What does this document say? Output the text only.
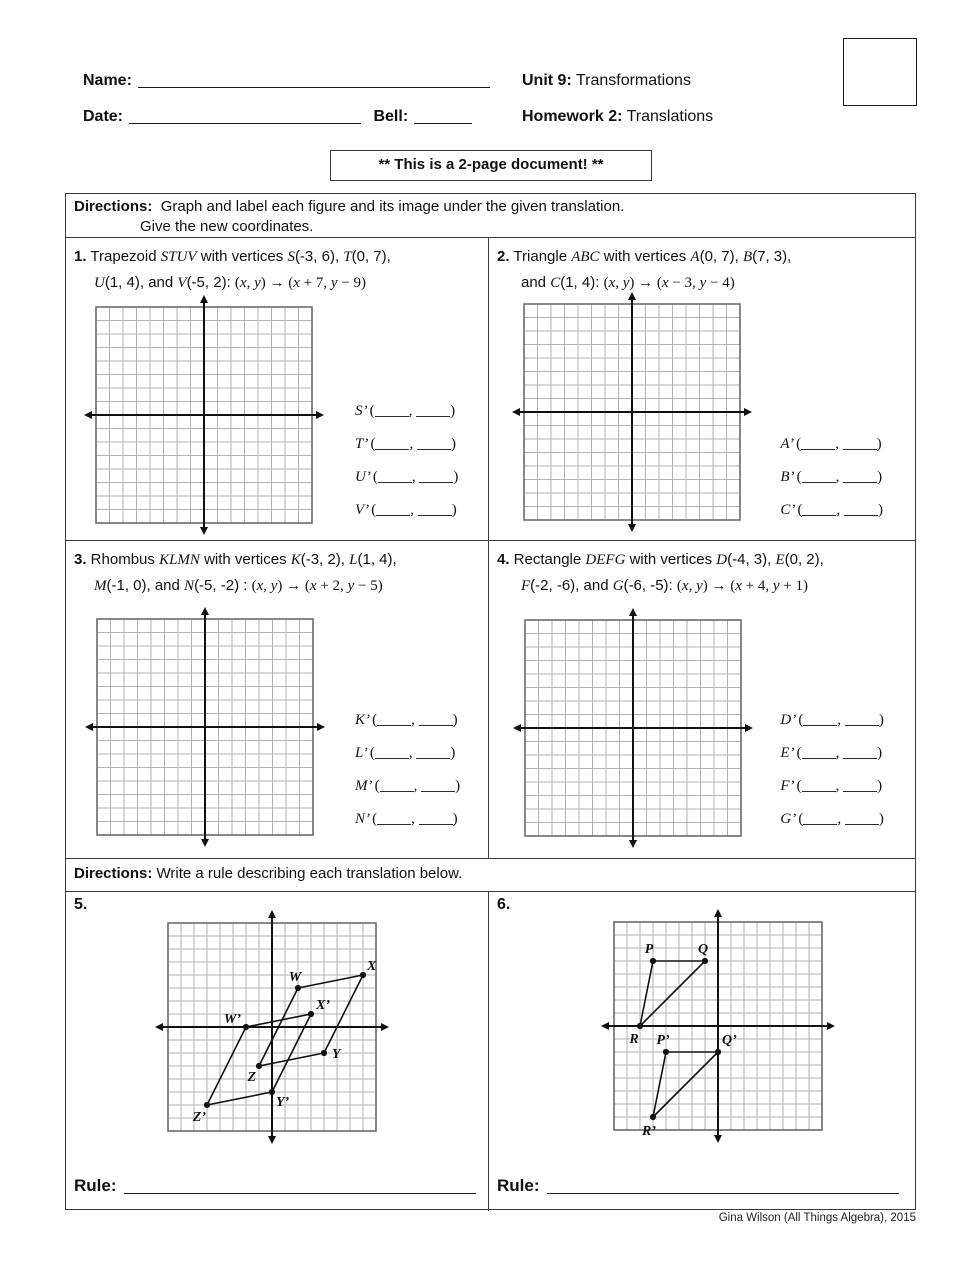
Name:	Unit 9: Transformations
Date:	Bell:	Homework 2: Translations
** This is a 2-page document! **
Directions: Graph and label each figure and its image under the given translation.
Give the new coordinates.
1. Trapezoid STUV with vertices S(-3, 6), T(0, 7),
U(1, 4), and V(-5, 2): (x, y) → (x + 7, y − 9)
S’ ( , )
T’ ( , )
U’ ( , )
V’ ( , )
2. Triangle ABC with vertices A(0, 7), B(7, 3),
and C(1, 4): (x, y) → (x − 3, y − 4)
A’ ( , )
B’ ( , )
C’ ( , )
3. Rhombus KLMN with vertices K(-3, 2), L(1, 4),
M(-1, 0), and N(-5, -2) : (x, y) → (x + 2, y − 5)
K’ ( , )
L’ ( , )
M’ ( , )
N’ ( , )
4. Rectangle DEFG with vertices D(-4, 3), E(0, 2),
F(-2, -6), and G(-6, -5): (x, y) → (x + 4, y + 1)
D’ ( , )
E’ ( , )
F’ ( , )
G’ ( , )
Directions: Write a rule describing each translation below.
5.
W
X
Y
Z
W’
X’
Y’
Z’
Rule:
6.
P	Q
R P’	Q’
R’
Rule:
Gina Wilson (All Things Algebra), 2015
